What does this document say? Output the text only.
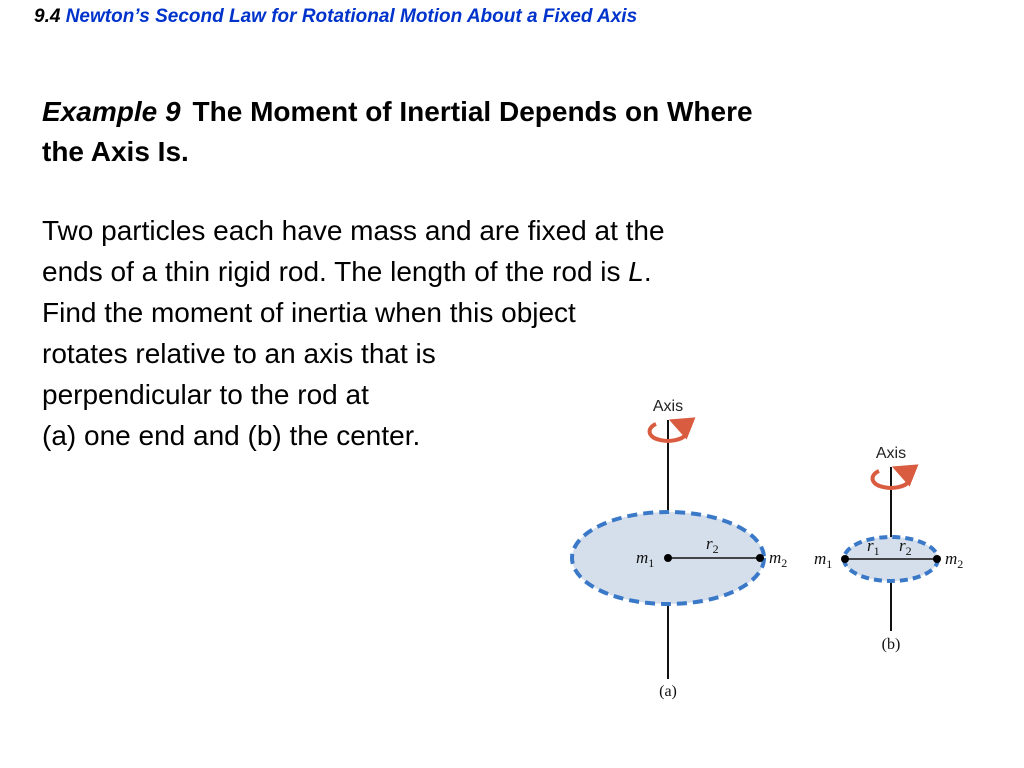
9.4 Newton’s Second Law for Rotational Motion About a Fixed Axis
Example 9 The Moment of Inertial Depends on Where
the Axis Is.
Two particles each have mass and are fixed at the
ends of a thin rigid rod. The length of the rod is L.
Find the moment of inertia when this object
rotates relative to an axis that is
perpendicular to the rod at
(a) one end and (b) the center.
Axis
$m_1$	$m_2$
$r_2$
(a)
Axis
$m_1$	$m_2$
$r_1$ $r_2$
(b)
